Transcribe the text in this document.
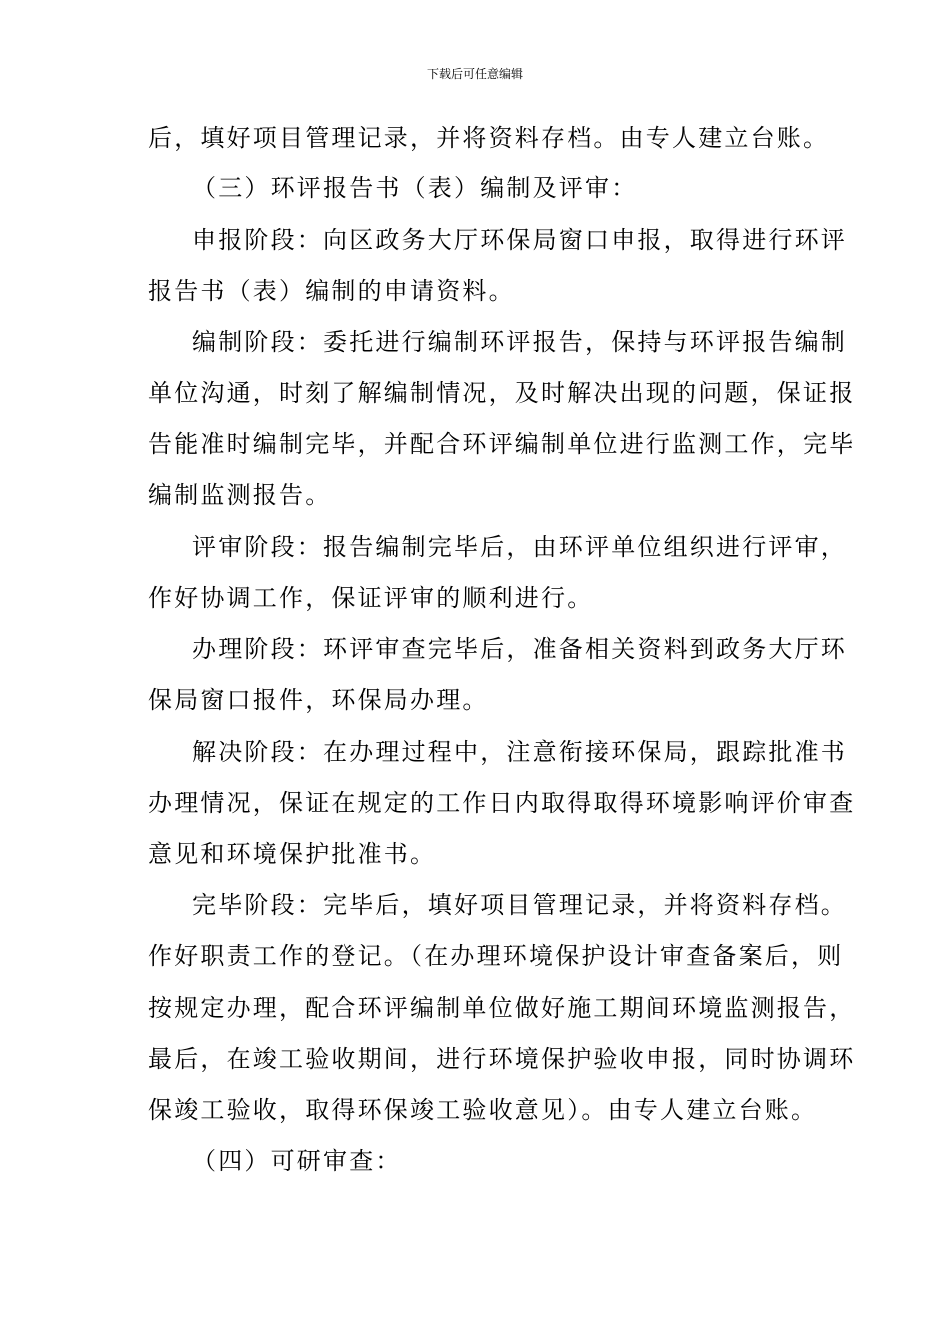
下载后可任意编辑
后，填好项目管理记录，并将资料存档。由专人建立台账。
（三）环评报告书（表）编制及评审：
申报阶段：向区政务大厅环保局窗口申报，取得进行环评
报告书（表）编制的申请资料。
编制阶段：委托进行编制环评报告，保持与环评报告编制
单位沟通，时刻了解编制情况，及时解决出现的问题，保证报
告能准时编制完毕，并配合环评编制单位进行监测工作，完毕
编制监测报告。
评审阶段：报告编制完毕后，由环评单位组织进行评审，
作好协调工作，保证评审的顺利进行。
办理阶段：环评审查完毕后，准备相关资料到政务大厅环
保局窗口报件，环保局办理。
解决阶段：在办理过程中，注意衔接环保局，跟踪批准书
办理情况，保证在规定的工作日内取得取得环境影响评价审查
意见和环境保护批准书。
完毕阶段：完毕后，填好项目管理记录，并将资料存档。
作好职责工作的登记。（在办理环境保护设计审查备案后，则
按规定办理，配合环评编制单位做好施工期间环境监测报告，
最后，在竣工验收期间，进行环境保护验收申报，同时协调环
保竣工验收，取得环保竣工验收意见）。由专人建立台账。
（四）可研审查：
